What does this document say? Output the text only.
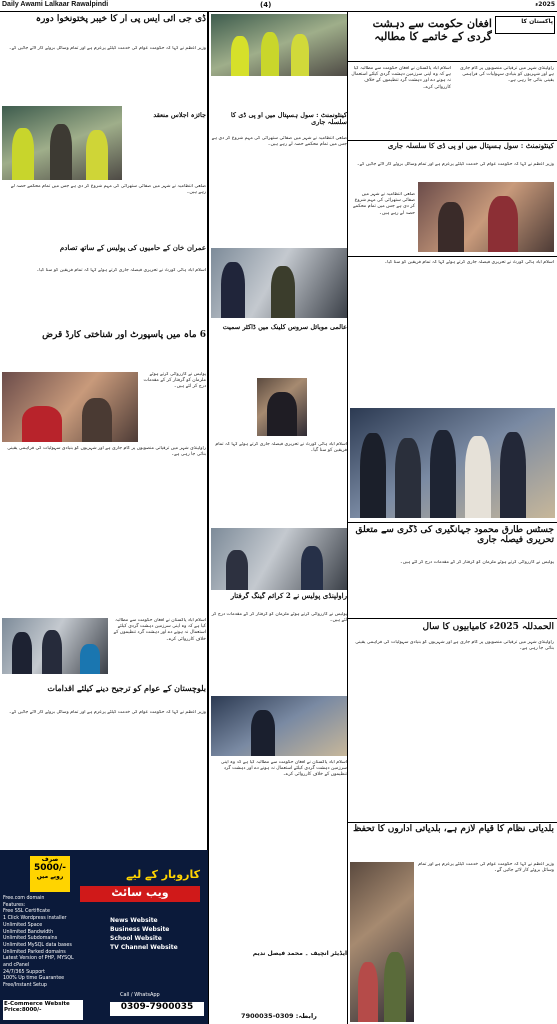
Daily Awami Lalkaar Rawalpindi	(4)	2025ء
پاکستان کا
افغان حکومت سے دہشت گردی کے خاتمے کا مطالبہ
اسلام آباد پاکستان نے افغان حکومت سے مطالبہ کیا ہے کہ وہ اپنی سرزمین دہشت گردی کیلئے استعمال نہ ہونے دے اور دہشت گرد تنظیموں کے خلاف کارروائی کرے۔
راولپنڈی شہر میں ترقیاتی منصوبوں پر کام جاری ہے اور شہریوں کو بنیادی سہولیات کی فراہمی یقینی بنائی جا رہی ہے۔
کینٹونمنٹ : سول ہسپتال میں او پی ڈی کا سلسلہ جاری
وزیر اعظم نے کہا کہ حکومت عوام کی خدمت کیلئے پرعزم ہے اور تمام وسائل بروئے کار لائے جائیں گے۔
ضلعی انتظامیہ نے شہر میں صفائی ستھرائی کی مہم شروع کر دی ہے جس میں تمام محکمے حصہ لے رہے ہیں۔
اسلام آباد ہائی کورٹ نے تحریری فیصلہ جاری کرتے ہوئے کہا کہ تمام فریقین کو سنا گیا۔
جسٹس طارق محمود جہانگیری کی ڈگری سے متعلق تحریری فیصلہ جاری
پولیس نے کارروائی کرتے ہوئے ملزمان کو گرفتار کر کے مقدمات درج کر لئے ہیں۔
الحمدللہ 2025ء کامیابیوں کا سال
راولپنڈی شہر میں ترقیاتی منصوبوں پر کام جاری ہے اور شہریوں کو بنیادی سہولیات کی فراہمی یقینی بنائی جا رہی ہے۔
بلدیاتی نظام کا قیام لازم ہے، بلدیاتی اداروں کا تحفظ
وزیر اعظم نے کہا کہ حکومت عوام کی خدمت کیلئے پرعزم ہے اور تمام وسائل بروئے کار لائے جائیں گے۔
کینٹونمنٹ : سول ہسپتال میں او پی ڈی کا سلسلہ جاری
ضلعی انتظامیہ نے شہر میں صفائی ستھرائی کی مہم شروع کر دی ہے جس میں تمام محکمے حصہ لے رہے ہیں۔
عالمی موبائل سروس کلینک میں ڈاکٹر سمیت
اسلام آباد ہائی کورٹ نے تحریری فیصلہ جاری کرتے ہوئے کہا کہ تمام فریقین کو سنا گیا۔
راولپنڈی پولیس نے 2 کرائم گینگ گرفتار
پولیس نے کارروائی کرتے ہوئے ملزمان کو گرفتار کر کے مقدمات درج کر لئے ہیں۔
اسلام آباد پاکستان نے افغان حکومت سے مطالبہ کیا ہے کہ وہ اپنی سرزمین دہشت گردی کیلئے استعمال نہ ہونے دے اور دہشت گرد تنظیموں کے خلاف کارروائی کرے۔
ایڈیٹر انچیف ۔ محمد فیصل ندیم
رابطہ: 0309-7900035
ڈی جی آئی ایس پی آر کا خیبر پختونخوا دورہ
وزیر اعظم نے کہا کہ حکومت عوام کی خدمت کیلئے پرعزم ہے اور تمام وسائل بروئے کار لائے جائیں گے۔
جائزہ اجلاس منعقد
ضلعی انتظامیہ نے شہر میں صفائی ستھرائی کی مہم شروع کر دی ہے جس میں تمام محکمے حصہ لے رہے ہیں۔
عمران خان کے حامیوں کی پولیس کے ساتھ تصادم
اسلام آباد ہائی کورٹ نے تحریری فیصلہ جاری کرتے ہوئے کہا کہ تمام فریقین کو سنا گیا۔
6 ماہ میں پاسپورٹ اور شناختی کارڈ قرض
پولیس نے کارروائی کرتے ہوئے ملزمان کو گرفتار کر کے مقدمات درج کر لئے ہیں۔
راولپنڈی شہر میں ترقیاتی منصوبوں پر کام جاری ہے اور شہریوں کو بنیادی سہولیات کی فراہمی یقینی بنائی جا رہی ہے۔
اسلام آباد پاکستان نے افغان حکومت سے مطالبہ کیا ہے کہ وہ اپنی سرزمین دہشت گردی کیلئے استعمال نہ ہونے دے اور دہشت گرد تنظیموں کے خلاف کارروائی کرے۔
بلوچستان کے عوام کو ترجیح دینے کیلئے اقدامات
وزیر اعظم نے کہا کہ حکومت عوام کی خدمت کیلئے پرعزم ہے اور تمام وسائل بروئے کار لائے جائیں گے۔
صرف
5000/-
روپے میں	کاروبار کے لیے
ویب سائٹ
Free.com domain
Features:
Free SSL Certificate
1 Click Wordpress installer
Unlimited Space
Unlimited Bandwidth
Unlimited Subdomains
Unlimited MySQL data bases
Unlimited Parked domains
Latest Version of PHP, MYSQL and cPanel
24/7/365 Support
100% Up time Guarantee
Free/Instant Setup
News Website
Business Website
School Website
TV Channel Website
E-Commerce Website Price:8000/-
Call / WhatsApp
0309-7900035
